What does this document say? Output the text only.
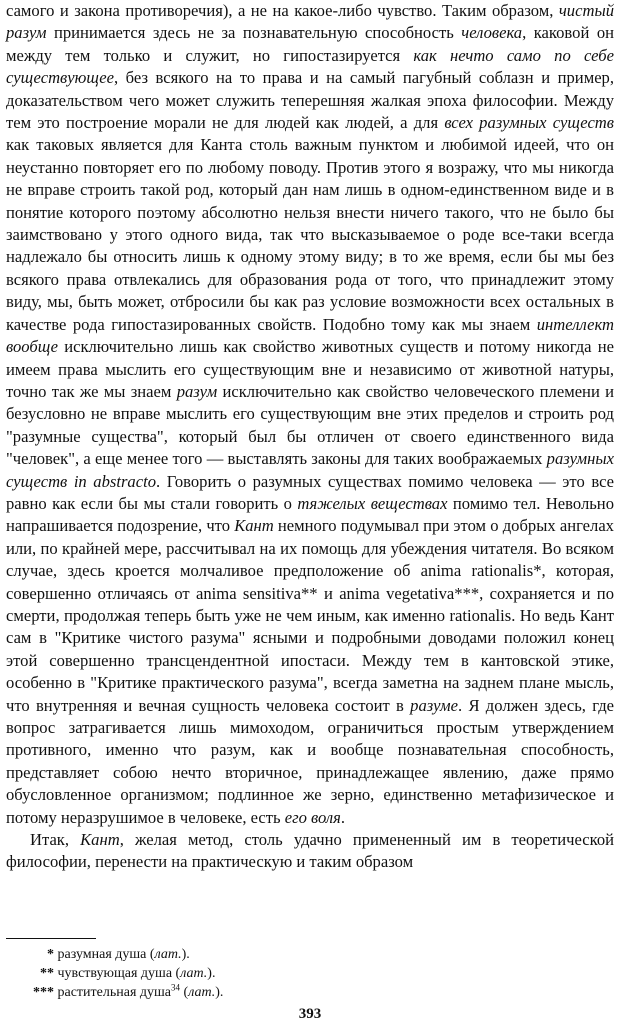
самого и закона противоречия), а не на какое-либо чувство. Таким образом, чистый разум принимается здесь не за познавательную способность человека, каковой он между тем только и служит, но гипостазируется как нечто само по себе существующее, без всякого на то права и на самый пагубный соблазн и пример, доказательством чего может служить теперешняя жалкая эпоха философии. Между тем это построение морали не для людей как людей, а для всех разумных существ как таковых является для Канта столь важным пунктом и любимой идеей, что он неустанно повторяет его по любому поводу. Против этого я возражу, что мы никогда не вправе строить такой род, который дан нам лишь в одном-единственном виде и в понятие которого поэтому абсолютно нельзя внести ничего такого, что не было бы заимствовано у этого одного вида, так что высказываемое о роде все-таки всегда надлежало бы относить лишь к одному этому виду; в то же время, если бы мы без всякого права отвлекались для образования рода от того, что принадлежит этому виду, мы, быть может, отбросили бы как раз условие возможности всех остальных в качестве рода гипостазированных свойств. Подобно тому как мы знаем интеллект вообще исключительно лишь как свойство животных существ и потому никогда не имеем права мыслить его существующим вне и независимо от животной натуры, точно так же мы знаем разум исключительно как свойство человеческого племени и безусловно не вправе мыслить его существующим вне этих пределов и строить род "разумные существа", который был бы отличен от своего единственного вида "человек", а еще менее того — выставлять законы для таких воображаемых разумных существ in abstracto. Говорить о разумных существах помимо человека — это все равно как если бы мы стали говорить о тяжелых веществах помимо тел. Невольно напрашивается подозрение, что Кант немного подумывал при этом о добрых ангелах или, по крайней мере, рассчитывал на их помощь для убеждения читателя. Во всяком случае, здесь кроется молчаливое предположение об anima rationalis*, которая, совершенно отличаясь от anima sensitiva** и anima vegetativa***, сохраняется и по смерти, продолжая теперь быть уже не чем иным, как именно rationalis. Но ведь Кант сам в "Критике чистого разума" ясными и подробными доводами положил конец этой совершенно трансцендентной ипостаси. Между тем в кантовской этике, особенно в "Критике практического разума", всегда заметна на заднем плане мысль, что внутренняя и вечная сущность человека состоит в разуме. Я должен здесь, где вопрос затрагивается лишь мимоходом, ограничиться простым утверждением противного, именно что разум, как и вообще познавательная способность, представляет собою нечто вторичное, принадлежащее явлению, даже прямо обусловленное организмом; подлинное же зерно, единственно метафизическое и потому неразрушимое в человеке, есть его воля.

Итак, Кант, желая метод, столь удачно примененный им в теоретической философии, перенести на практическую и таким образом

* разумная душа (лат.).
** чувствующая душа (лат.).
*** растительная душа$^{34}$ (лат.).
393
